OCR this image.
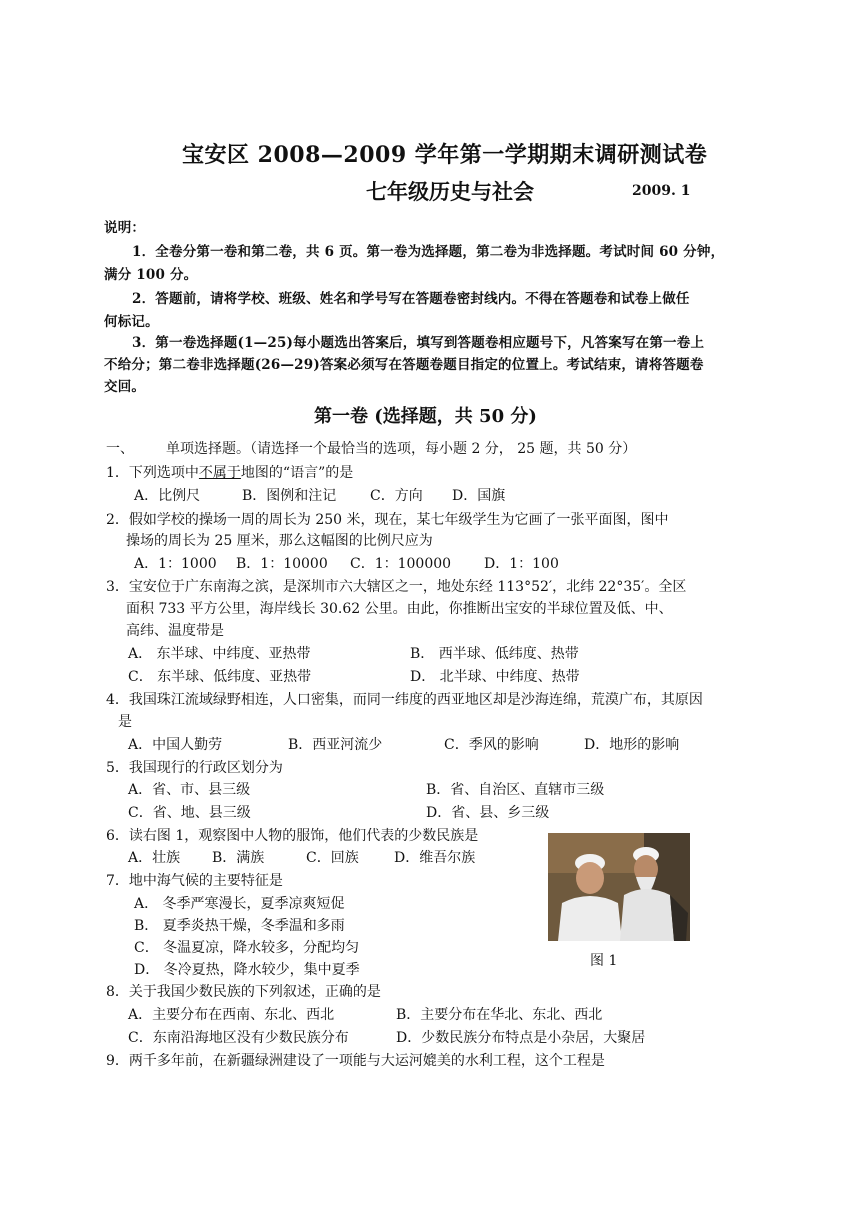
宝安区 2008—2009 学年第一学期期末调研测试卷
七年级历史与社会	2009. 1
说明：
1．全卷分第一卷和第二卷，共 6 页。第一卷为选择题，第二卷为非选择题。考试时间 60 分钟，
满分 100 分。
2．答题前，请将学校、班级、姓名和学号写在答题卷密封线内。不得在答题卷和试卷上做任
何标记。
3．第一卷选择题(1—25)每小题选出答案后，填写到答题卷相应题号下，凡答案写在第一卷上
不给分；第二卷非选择题(26—29)答案必须写在答题卷题目指定的位置上。考试结束，请将答题卷
交回。
第一卷 (选择题，共 50 分)
一、 单项选择题。（请选择一个最恰当的选项，每小题 2 分， 25 题，共 50 分）
1．下列选项中不属于地图的“语言”的是
A．比例尺	B．图例和注记 C．方向 D．国旗
2．假如学校的操场一周的周长为 250 米，现在，某七年级学生为它画了一张平面图，图中
操场的周长为 25 厘米，那么这幅图的比例尺应为
A．1：1000 B．1：10000 C．1：100000 D．1：100
3．宝安位于广东南海之滨，是深圳市六大辖区之一，地处东经 113°52′，北纬 22°35′。全区
面积 733 平方公里，海岸线长 30.62 公里。由此，你推断出宝安的半球位置及低、中、
高纬、温度带是
A． 东半球、中纬度、亚热带	B． 西半球、低纬度、热带
C． 东半球、低纬度、亚热带	D． 北半球、中纬度、热带
4．我国珠江流域绿野相连，人口密集，而同一纬度的西亚地区却是沙海连绵，荒漠广布，其原因
是
A．中国人勤劳	B．西亚河流少	C．季风的影响	D．地形的影响
5．我国现行的行政区划分为
A．省、市、县三级	B．省、自治区、直辖市三级
C．省、地、县三级	D．省、县、乡三级
6．读右图 1，观察图中人物的服饰，他们代表的少数民族是
A．壮族 B．满族	C．回族	D．维吾尔族
图 1
7．地中海气候的主要特征是
A． 冬季严寒漫长，夏季凉爽短促
B． 夏季炎热干燥，冬季温和多雨
C． 冬温夏凉，降水较多，分配均匀
D． 冬冷夏热，降水较少，集中夏季
8．关于我国少数民族的下列叙述，正确的是
A．主要分布在西南、东北、西北	B．主要分布在华北、东北、西北
C．东南沿海地区没有少数民族分布	D．少数民族分布特点是小杂居，大聚居
9．两千多年前，在新疆绿洲建设了一项能与大运河媲美的水利工程，这个工程是
